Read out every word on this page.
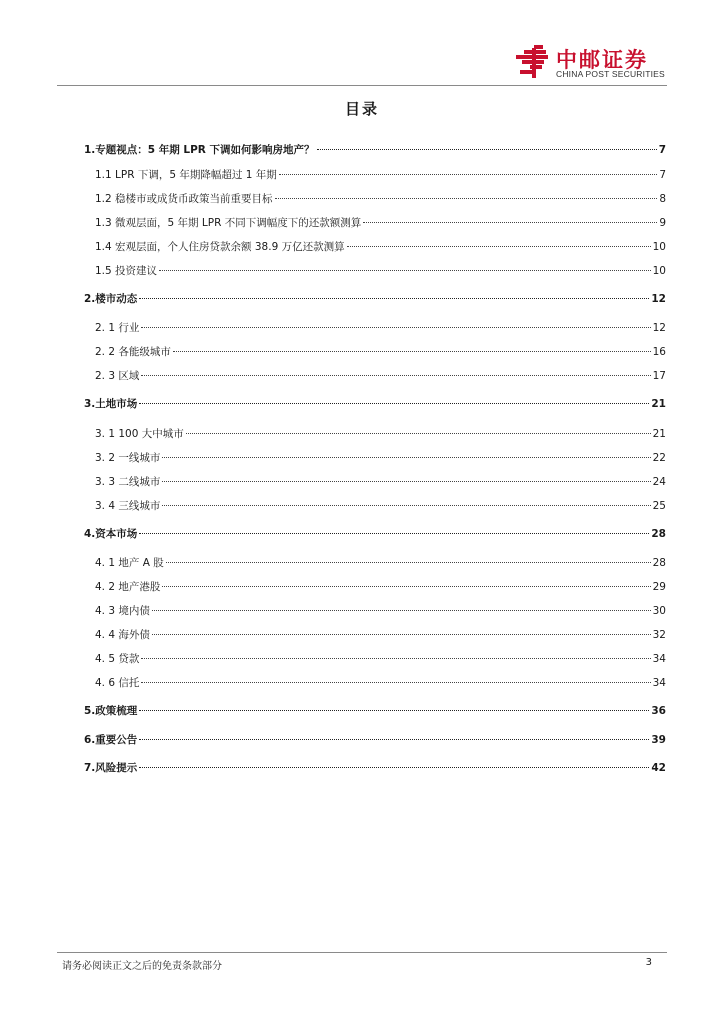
中邮证券
CHINA POST SECURITIES
目录
1.专题视点：5 年期 LPR 下调如何影响房地产？	7
1.1 LPR 下调，5 年期降幅超过 1 年期	7
1.2 稳楼市或成货币政策当前重要目标	8
1.3 微观层面，5 年期 LPR 不同下调幅度下的还款额测算	9
1.4 宏观层面，个人住房贷款余额 38.9 万亿还款测算	10
1.5 投资建议	10
2.楼市动态	12
2. 1 行业	12
2. 2 各能级城市	16
2. 3 区域	17
3.土地市场	21
3. 1 100 大中城市	21
3. 2 一线城市	22
3. 3 二线城市	24
3. 4 三线城市	25
4.资本市场	28
4. 1 地产 A 股	28
4. 2 地产港股	29
4. 3 境内债	30
4. 4 海外债	32
4. 5 贷款	34
4. 6 信托	34
5.政策梳理	36
6.重要公告	39
7.风险提示	42
请务必阅读正文之后的免责条款部分	3
